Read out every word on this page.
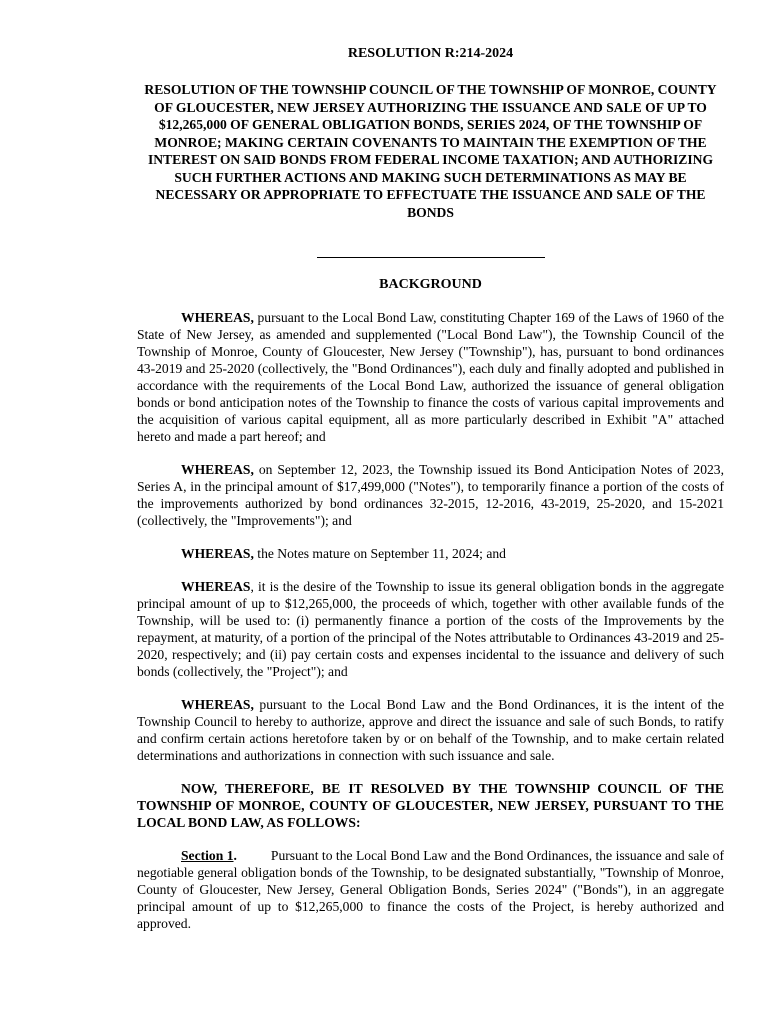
RESOLUTION R:214-2024
RESOLUTION OF THE TOWNSHIP COUNCIL OF THE TOWNSHIP OF MONROE, COUNTY OF GLOUCESTER, NEW JERSEY AUTHORIZING THE ISSUANCE AND SALE OF UP TO $12,265,000 OF GENERAL OBLIGATION BONDS, SERIES 2024, OF THE TOWNSHIP OF MONROE; MAKING CERTAIN COVENANTS TO MAINTAIN THE EXEMPTION OF THE INTEREST ON SAID BONDS FROM FEDERAL INCOME TAXATION; AND AUTHORIZING SUCH FURTHER ACTIONS AND MAKING SUCH DETERMINATIONS AS MAY BE NECESSARY OR APPROPRIATE TO EFFECTUATE THE ISSUANCE AND SALE OF THE BONDS
BACKGROUND

WHEREAS, pursuant to the Local Bond Law, constituting Chapter 169 of the Laws of 1960 of the State of New Jersey, as amended and supplemented ("Local Bond Law"), the Township Council of the Township of Monroe, County of Gloucester, New Jersey ("Township"), has, pursuant to bond ordinances 43-2019 and 25-2020 (collectively, the "Bond Ordinances"), each duly and finally adopted and published in accordance with the requirements of the Local Bond Law, authorized the issuance of general obligation bonds or bond anticipation notes of the Township to finance the costs of various capital improvements and the acquisition of various capital equipment, all as more particularly described in Exhibit "A" attached hereto and made a part hereof; and

WHEREAS, on September 12, 2023, the Township issued its Bond Anticipation Notes of 2023, Series A, in the principal amount of $17,499,000 ("Notes"), to temporarily finance a portion of the costs of the improvements authorized by bond ordinances 32-2015, 12-2016, 43-2019, 25-2020, and 15-2021 (collectively, the "Improvements"); and

WHEREAS, the Notes mature on September 11, 2024; and

WHEREAS, it is the desire of the Township to issue its general obligation bonds in the aggregate principal amount of up to $12,265,000, the proceeds of which, together with other available funds of the Township, will be used to: (i) permanently finance a portion of the costs of the Improvements by the repayment, at maturity, of a portion of the principal of the Notes attributable to Ordinances 43-2019 and 25-2020, respectively; and (ii) pay certain costs and expenses incidental to the issuance and delivery of such bonds (collectively, the "Project"); and

WHEREAS, pursuant to the Local Bond Law and the Bond Ordinances, it is the intent of the Township Council to hereby to authorize, approve and direct the issuance and sale of such Bonds, to ratify and confirm certain actions heretofore taken by or on behalf of the Township, and to make certain related determinations and authorizations in connection with such issuance and sale.

NOW, THEREFORE, BE IT RESOLVED BY THE TOWNSHIP COUNCIL OF THE TOWNSHIP OF MONROE, COUNTY OF GLOUCESTER, NEW JERSEY, PURSUANT TO THE LOCAL BOND LAW, AS FOLLOWS:

Section 1.	Pursuant to the Local Bond Law and the Bond Ordinances, the issuance and sale of negotiable general obligation bonds of the Township, to be designated substantially, "Township of Monroe, County of Gloucester, New Jersey, General Obligation Bonds, Series 2024" ("Bonds"), in an aggregate principal amount of up to $12,265,000 to finance the costs of the Project, is hereby authorized and approved.
